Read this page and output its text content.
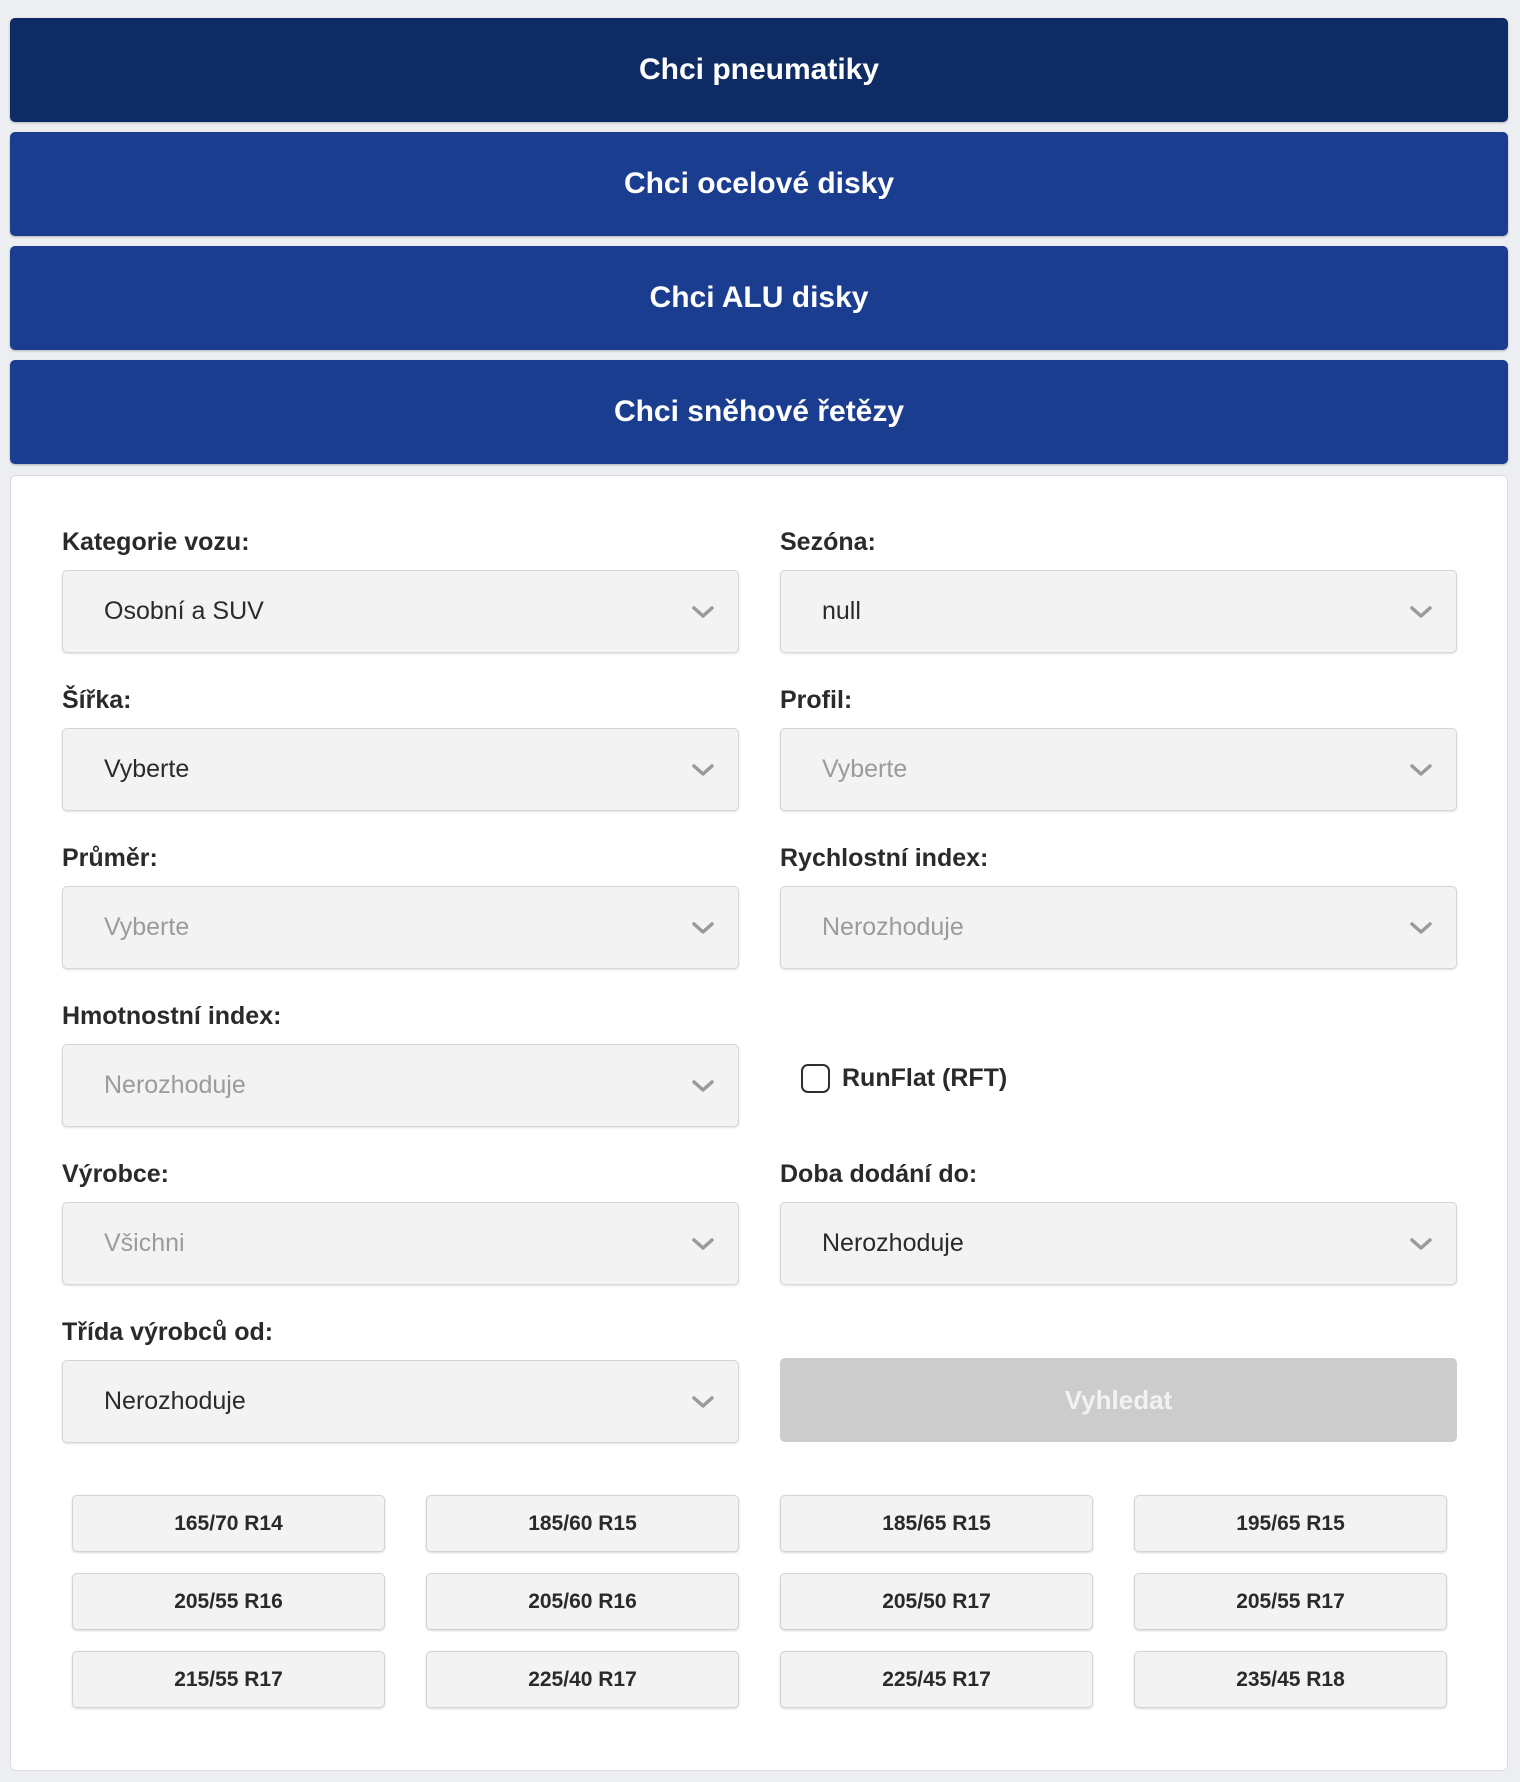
Chci pneumatiky
Chci ocelové disky
Chci ALU disky
Chci sněhové řetězy
Kategorie vozu:
Osobní a SUV
Sezóna:
null
Šířka:
Vyberte
Profil:
Vyberte
Průměr:
Vyberte
Rychlostní index:
Nerozhoduje
Hmotnostní index:
Nerozhoduje	RunFlat (RFT)
Výrobce:
Všichni
Doba dodání do:
Nerozhoduje
Třída výrobců od:
Nerozhoduje	Vyhledat
165/70 R14	185/60 R15	185/65 R15	195/65 R15
205/55 R16	205/60 R16	205/50 R17	205/55 R17
215/55 R17	225/40 R17	225/45 R17	235/45 R18
